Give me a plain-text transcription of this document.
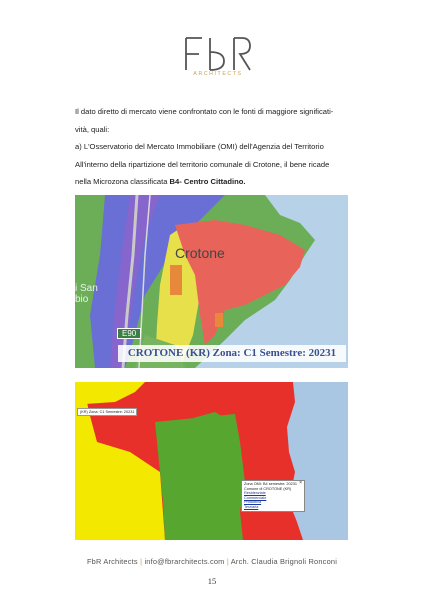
ARCHITECTS
Il dato diretto di mercato viene confrontato con le fonti di maggiore significati-
vità, quali:
a) L'Osservatorio del Mercato Immobiliare (OMI) dell'Agenzia del Territorio
All'interno della ripartizione del territorio comunale di Crotone, il bene ricade
nella Microzona classificata B4- Centro Cittadino.
Crotone
i San
bio
E90
CROTONE (KR) Zona: C1 Semestre: 20231
(KR) Zona: C1 Semestre: 20231
Zona OMI: B4 semestre: 20231
Comune di CROTONE (KR)
Residenziale
Commerciale
Produttiva
Terziaria
×
FbR Architects | info@fbrarchitects.com | Arch. Claudia Brignoli Ronconi
15
